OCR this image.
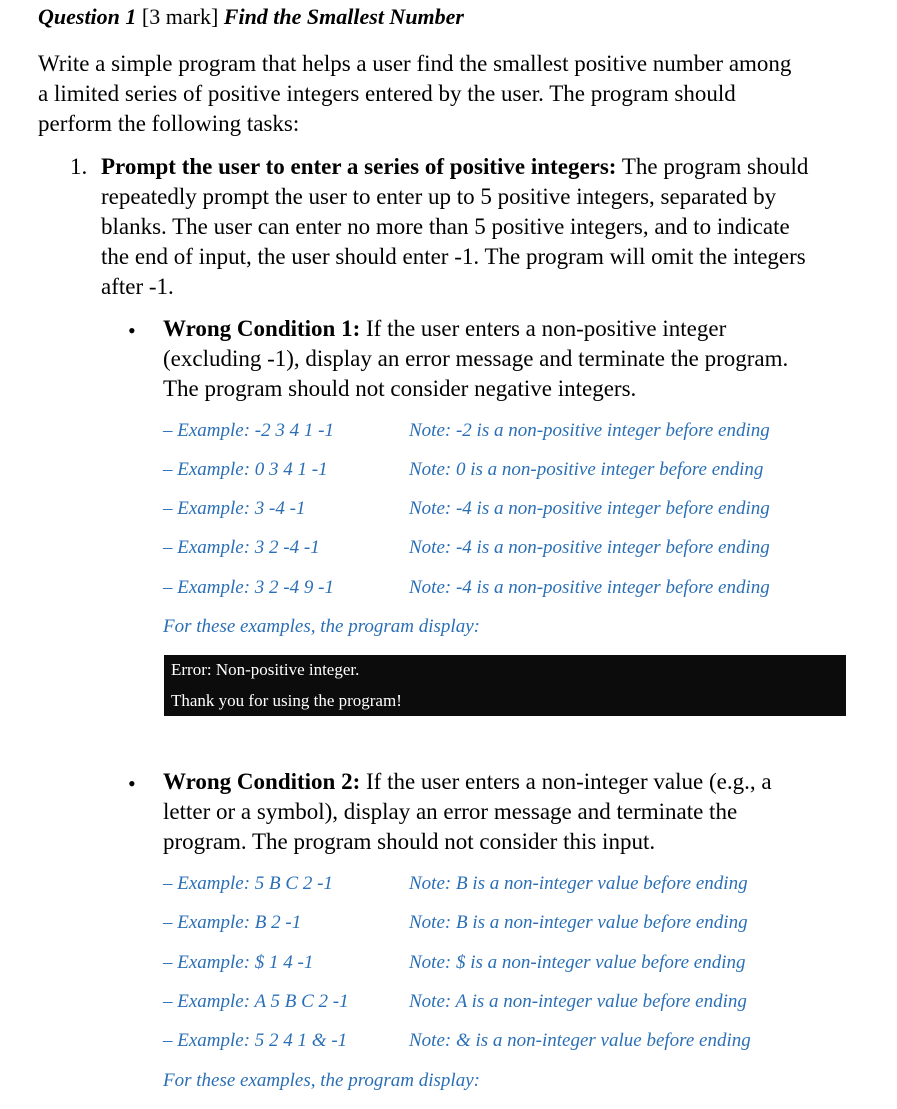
Question 1 [3 mark] Find the Smallest Number
Write a simple program that helps a user find the smallest positive number among
a limited series of positive integers entered by the user. The program should
perform the following tasks:
1. Prompt the user to enter a series of positive integers: The program should
repeatedly prompt the user to enter up to 5 positive integers, separated by
blanks. The user can enter no more than 5 positive integers, and to indicate
the end of input, the user should enter -1. The program will omit the integers
after -1.
• Wrong Condition 1: If the user enters a non-positive integer
(excluding -1), display an error message and terminate the program.
The program should not consider negative integers.
– Example: -2 3 4 1 -1	Note: -2 is a non-positive integer before ending
– Example: 0 3 4 1 -1	Note: 0 is a non-positive integer before ending
– Example: 3 -4 -1	Note: -4 is a non-positive integer before ending
– Example: 3 2 -4 -1	Note: -4 is a non-positive integer before ending
– Example: 3 2 -4 9 -1	Note: -4 is a non-positive integer before ending
For these examples, the program display:
Error: Non-positive integer.
Thank you for using the program!
• Wrong Condition 2: If the user enters a non-integer value (e.g., a
letter or a symbol), display an error message and terminate the
program. The program should not consider this input.
– Example: 5 B C 2 -1	Note: B is a non-integer value before ending
– Example: B 2 -1	Note: B is a non-integer value before ending
– Example: $ 1 4 -1	Note: $ is a non-integer value before ending
– Example: A 5 B C 2 -1	Note: A is a non-integer value before ending
– Example: 5 2 4 1 & -1	Note: & is a non-integer value before ending
For these examples, the program display:
